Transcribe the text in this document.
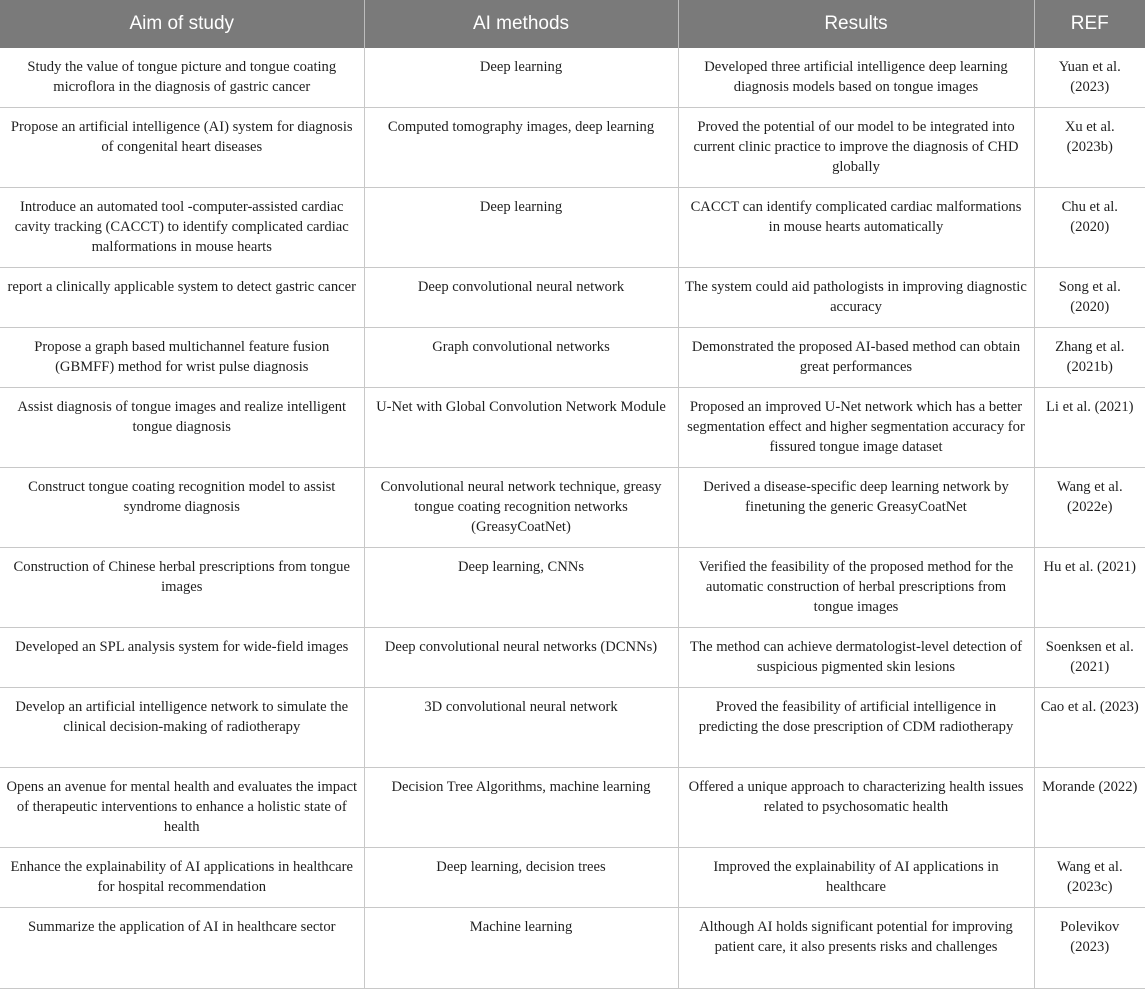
Aim of study	AI methods	Results	REF
Study the value of tongue picture and tongue coating microflora in the diagnosis of gastric cancer	Deep learning	Developed three artificial intelligence deep learning diagnosis models based on tongue images	Yuan et al. (2023)
Propose an artificial intelligence (AI) system for diagnosis of congenital heart diseases	Computed tomography images, deep learning	Proved the potential of our model to be integrated into current clinic practice to improve the diagnosis of CHD globally	Xu et al. (2023b)
Introduce an automated tool -computer-assisted cardiac cavity tracking (CACCT) to identify complicated cardiac malformations in mouse hearts	Deep learning	CACCT can identify complicated cardiac malformations in mouse hearts automatically	Chu et al. (2020)
report a clinically applicable system to detect gastric cancer	Deep convolutional neural network	The system could aid pathologists in improving diagnostic accuracy	Song et al. (2020)
Propose a graph based multichannel feature fusion (GBMFF) method for wrist pulse diagnosis	Graph convolutional networks	Demonstrated the proposed AI-based method can obtain great performances	Zhang et al. (2021b)
Assist diagnosis of tongue images and realize intelligent tongue diagnosis	U-Net with Global Convolution Network Module	Proposed an improved U-Net network which has a better segmentation effect and higher segmentation accuracy for fissured tongue image dataset	Li et al. (2021)
Construct tongue coating recognition model to assist syndrome diagnosis	Convolutional neural network technique, greasy tongue coating recognition networks (GreasyCoatNet)	Derived a disease-specific deep learning network by finetuning the generic GreasyCoatNet	Wang et al. (2022e)
Construction of Chinese herbal prescriptions from tongue images	Deep learning, CNNs	Verified the feasibility of the proposed method for the automatic construction of herbal prescriptions from tongue images	Hu et al. (2021)
Developed an SPL analysis system for wide-field images	Deep convolutional neural networks (DCNNs)	The method can achieve dermatologist-level detection of suspicious pigmented skin lesions	Soenksen et al. (2021)
Develop an artificial intelligence network to simulate the clinical decision-making of radiotherapy	3D convolutional neural network	Proved the feasibility of artificial intelligence in predicting the dose prescription of CDM radiotherapy	Cao et al. (2023)
Opens an avenue for mental health and evaluates the impact of therapeutic interventions to enhance a holistic state of health	Decision Tree Algorithms, machine learning	Offered a unique approach to characterizing health issues related to psychosomatic health	Morande (2022)
Enhance the explainability of AI applications in healthcare for hospital recommendation	Deep learning, decision trees	Improved the explainability of AI applications in healthcare	Wang et al. (2023c)
Summarize the application of AI in healthcare sector	Machine learning	Although AI holds significant potential for improving patient care, it also presents risks and challenges	Polevikov (2023)
